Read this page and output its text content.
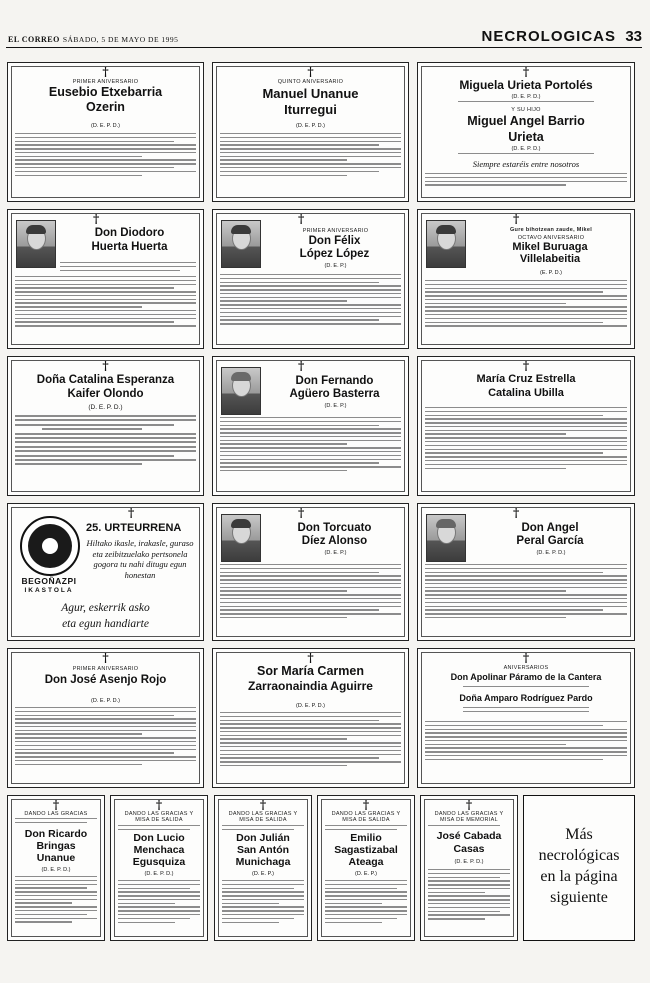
EL CORREO SÁBADO, 5 DE MAYO DE 1995	NECROLOGICAS 33
†
PRIMER ANIVERSARIO
Eusebio Etxebarria
Ozerin
(D. E. P. D.)
†
QUINTO ANIVERSARIO
Manuel Unanue
Iturregui
(D. E. P. D.)
†
Miguela Urieta Portolés
(D. E. P. D.)
Y SU HIJO
Miguel Angel Barrio
Urieta
(D. E. P. D.)
Siempre estaréis entre nosotros
†
Don Diodoro
Huerta Huerta
†
PRIMER ANIVERSARIO
Don Félix
López López
(D. E. P.)
†
Gure bihotzean zaude, Mikel
OCTAVO ANIVERSARIO
Mikel Buruaga
Villelabeitia
(E. P. D.)
†
Doña Catalina Esperanza
Kaifer Olondo
(D. E. P. D.)
†
Don Fernando
Agüero Basterra
(D. E. P.)
†
María Cruz Estrella
Catalina Ubilla
BEGOÑAZPI
IKASTOLA
†
25. URTEURRENA
Hiltako ikasle, irakasle, guraso eta zeibitzuelako pertsonela gogora tu nahi ditugu egun honestan
Agur, eskerrik asko
eta egun handiarte
†
Don Torcuato
Díez Alonso
(D. E. P.)
†
Don Angel
Peral García
(D. E. P. D.)
†
PRIMER ANIVERSARIO
Don José Asenjo Rojo
(D. E. P. D.)
†
Sor María Carmen
Zarraonaindia Aguirre
(D. E. P. D.)
†
ANIVERSARIOS
Don Apolinar Páramo de la Cantera
Doña Amparo Rodríguez Pardo
†
DANDO LAS GRACIAS
Don Ricardo
Bringas
Unanue
(D. E. P. D.)
†
DANDO LAS GRACIAS Y MISA DE SALIDA
Don Lucio
Menchaca
Egusquiza
(D. E. P. D.)
†
DANDO LAS GRACIAS Y MISA DE SALIDA
Don Julián
San Antón
Munichaga
(D. E. P.)
†
DANDO LAS GRACIAS Y MISA DE SALIDA
Emilio
Sagastizabal
Ateaga
(D. E. P.)
†
DANDO LAS GRACIAS Y MISA DE MEMORIAL
José Cabada
Casas
(D. E. P. D.)
Más necrológicas en la página siguiente
